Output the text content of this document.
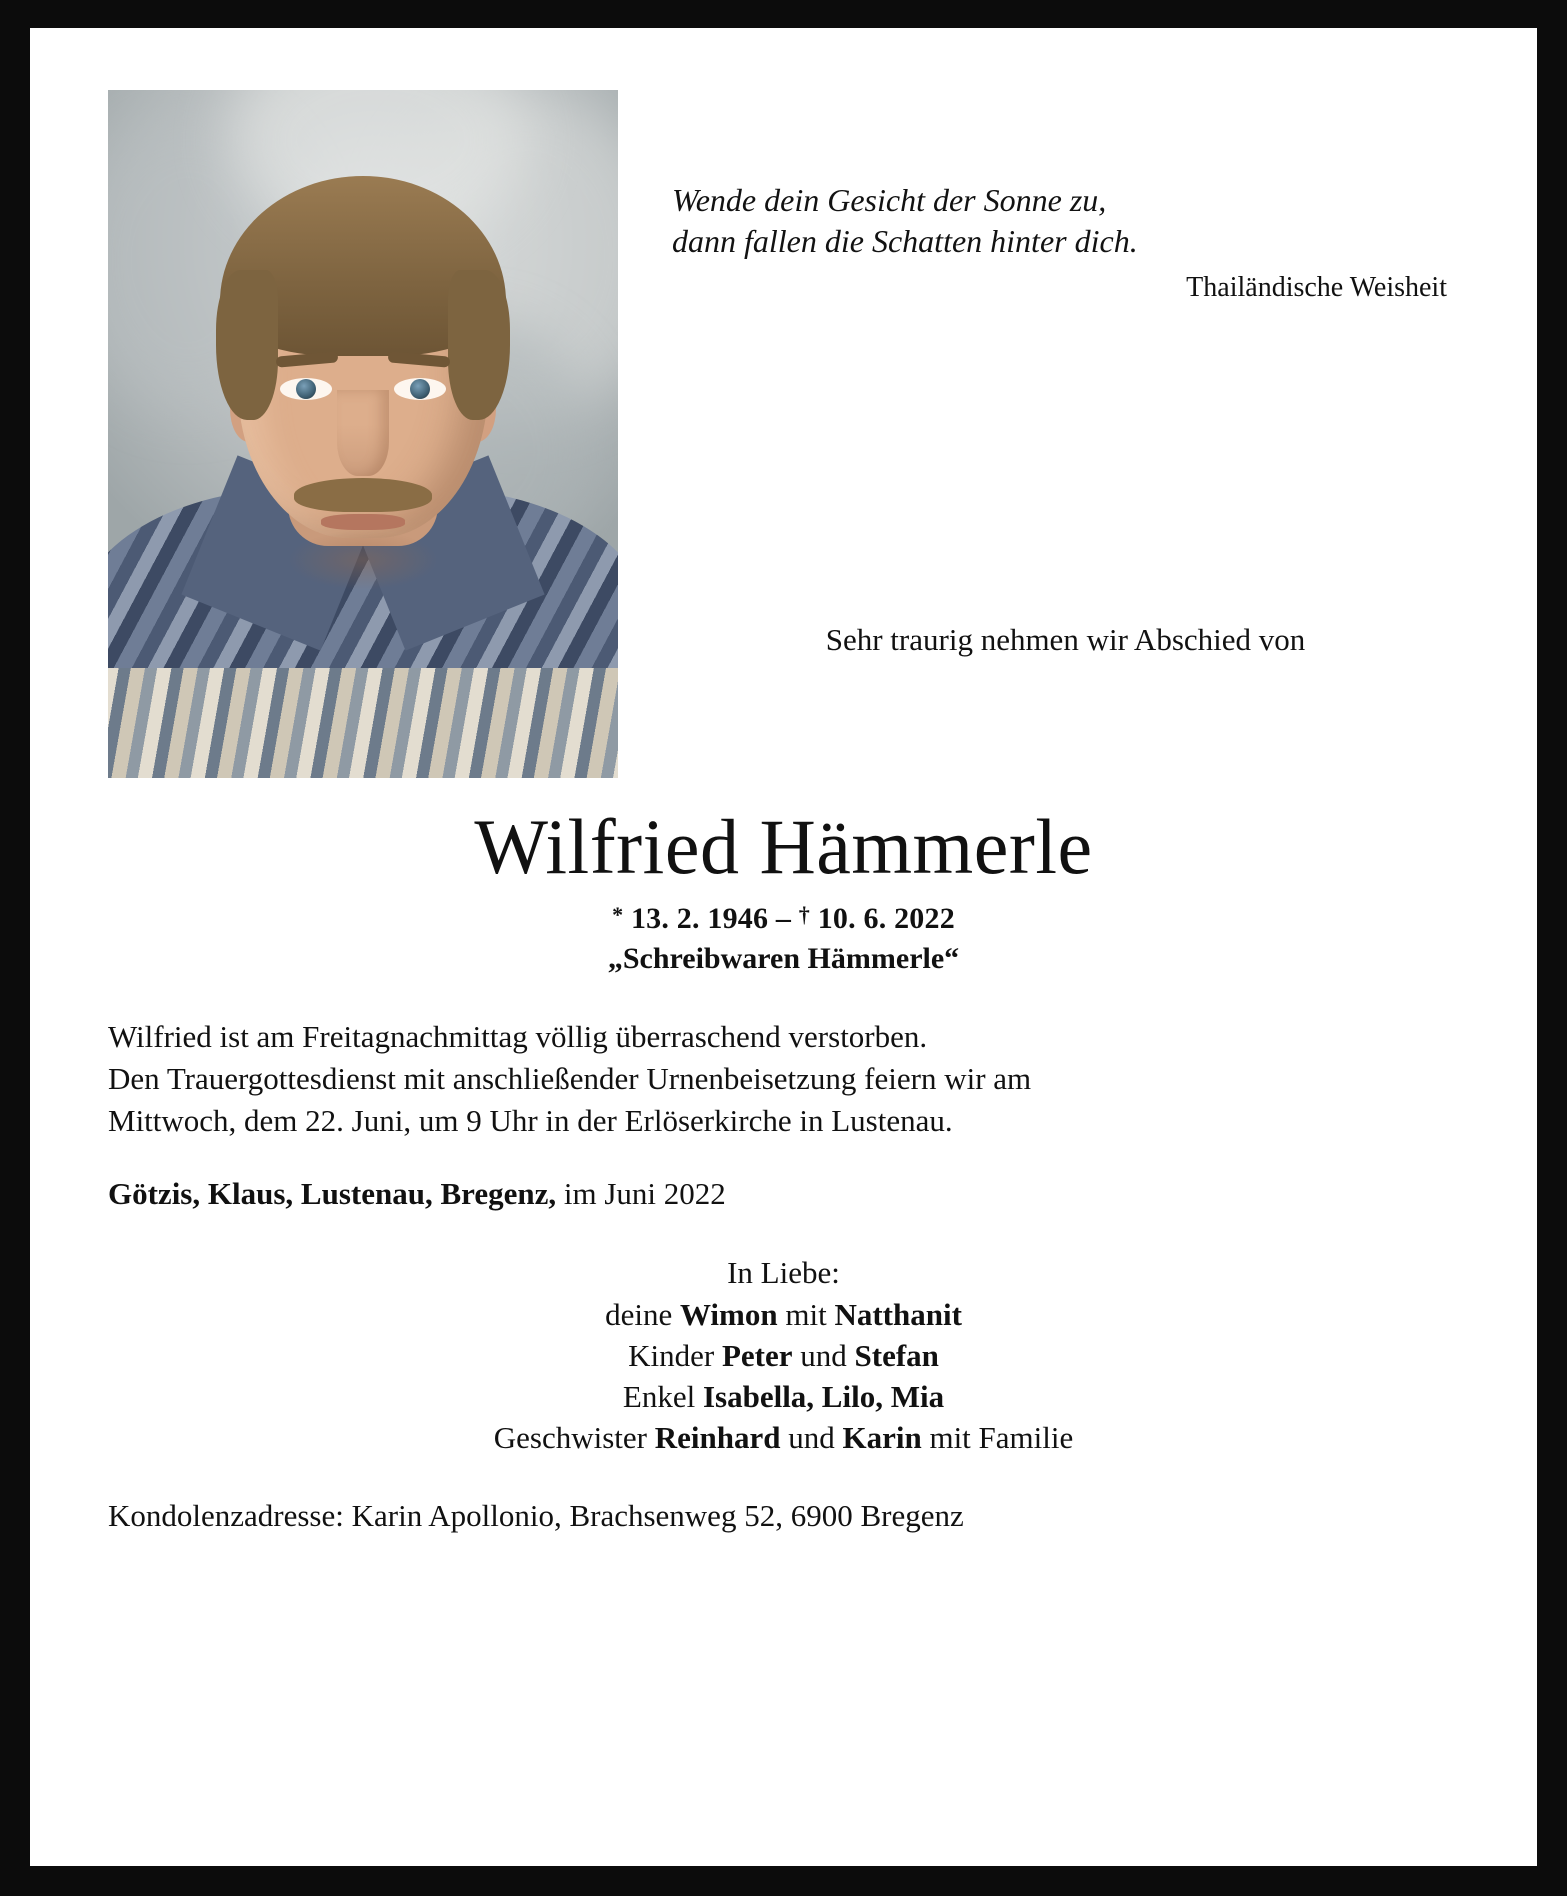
Wende dein Gesicht der Sonne zu,
dann fallen die Schatten hinter dich.
Thailändische Weisheit
Sehr traurig nehmen wir Abschied von
Wilfried Hämmerle
* 13. 2. 1946 – † 10. 6. 2022
„Schreibwaren Hämmerle“
Wilfried ist am Freitagnachmittag völlig überraschend verstorben.
Den Trauergottesdienst mit anschließender Urnenbeisetzung feiern wir am
Mittwoch, dem 22. Juni, um 9 Uhr in der Erlöserkirche in Lustenau.
Götzis, Klaus, Lustenau, Bregenz, im Juni 2022
In Liebe:
deine Wimon mit Natthanit
Kinder Peter und Stefan
Enkel Isabella, Lilo, Mia
Geschwister Reinhard und Karin mit Familie
Kondolenzadresse: Karin Apollonio, Brachsenweg 52, 6900 Bregenz
